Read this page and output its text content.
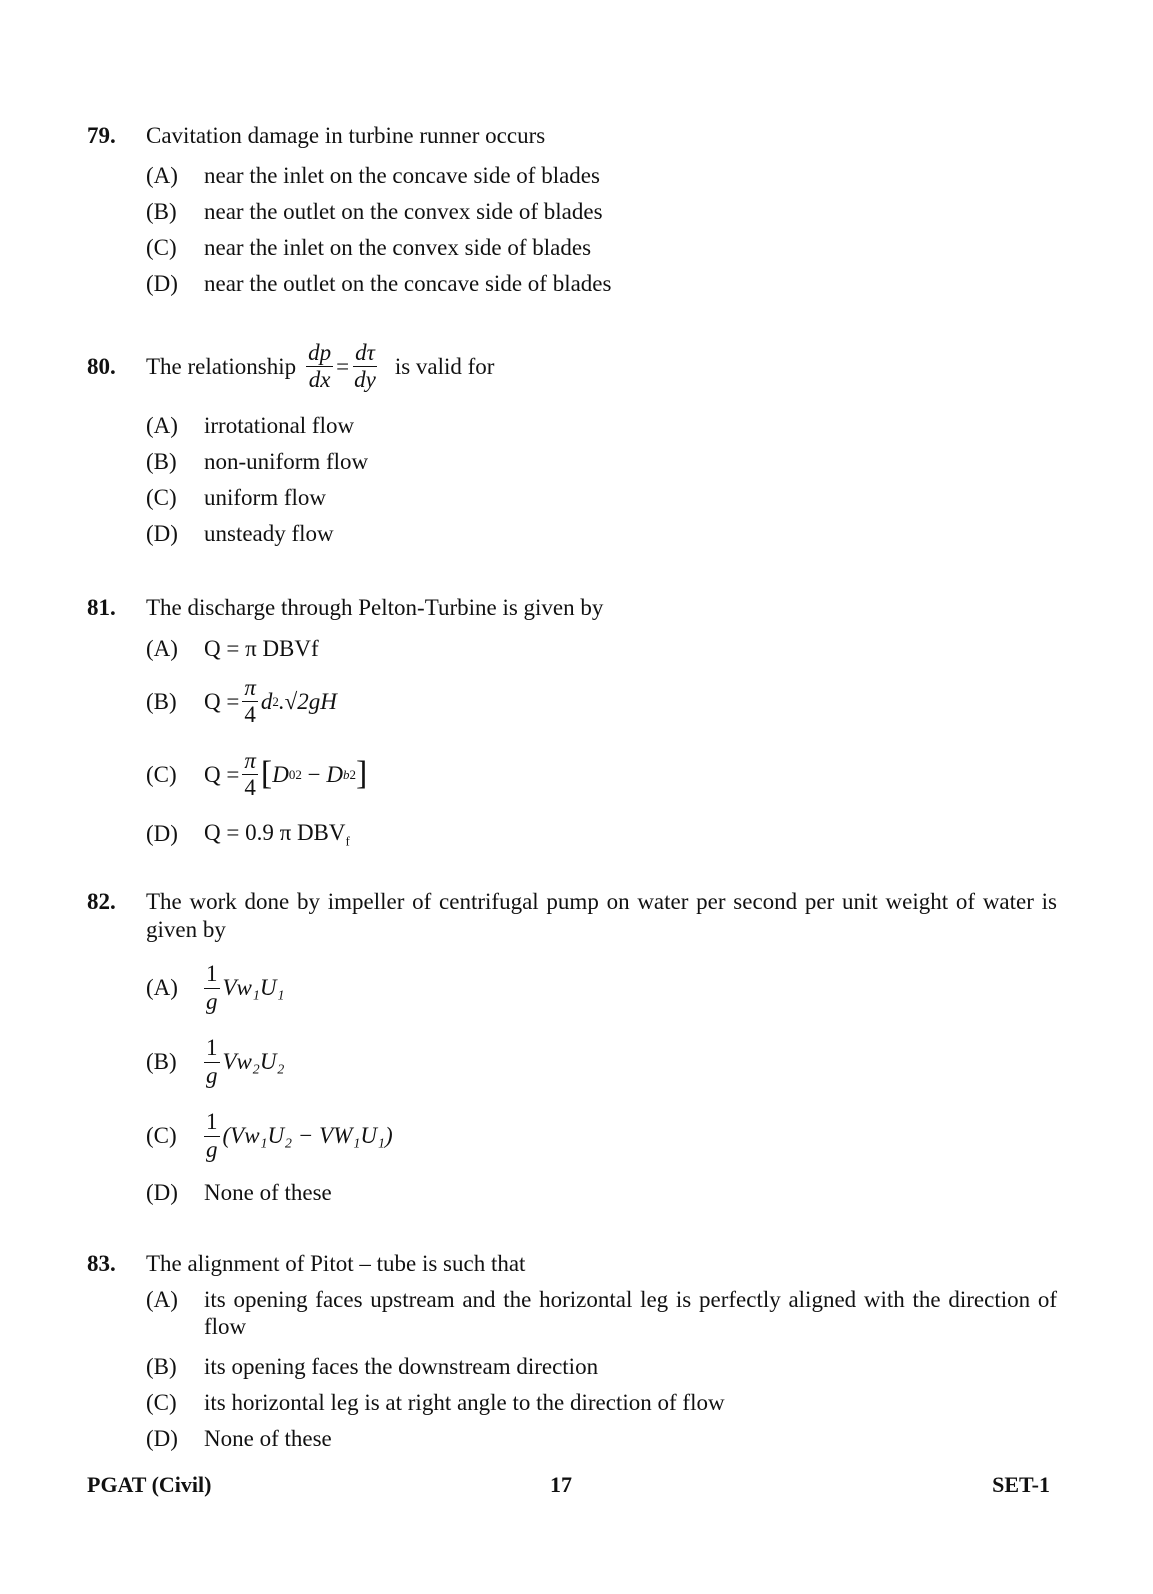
79.	Cavitation damage in turbine runner occurs
(A)	near the inlet on the concave side of blades
(B)	near the outlet on the convex side of blades
(C)	near the inlet on the convex side of blades
(D)	near the outlet on the concave side of blades
80.	The relationship $\frac{dp}{dx} = \frac{d\tau}{dy}$ is valid for
(A)	irrotational flow
(B)	non-uniform flow
(C)	uniform flow
(D)	unsteady flow
81.	The discharge through Pelton-Turbine is given by
(A)	Q = π DBVf
(B)	$Q = \frac{\pi}{4}$ d 2 .√2gH
(C)	$Q = \frac{\pi}{4}$ [ D 0 2 − D b 2 ]
(D)	Q = 0.9 π $DBV_f$
82.	The work done by impeller of centrifugal pump on water per second per unit weight of water is given by
(A)	$\frac{1}{g} Vw_1U_1$
(B)	$\frac{1}{g} Vw_2U_2$
(C)	$\frac{1}{g} (Vw_1U_2 - VW_1U_1)$
(D)	None of these
83.	The alignment of Pitot – tube is such that
(A)	its opening faces upstream and the horizontal leg is perfectly aligned with the direction of flow
(B)	its opening faces the downstream direction
(C)	its horizontal leg is at right angle to the direction of flow
(D)	None of these
PGAT (Civil)	17	SET-1
